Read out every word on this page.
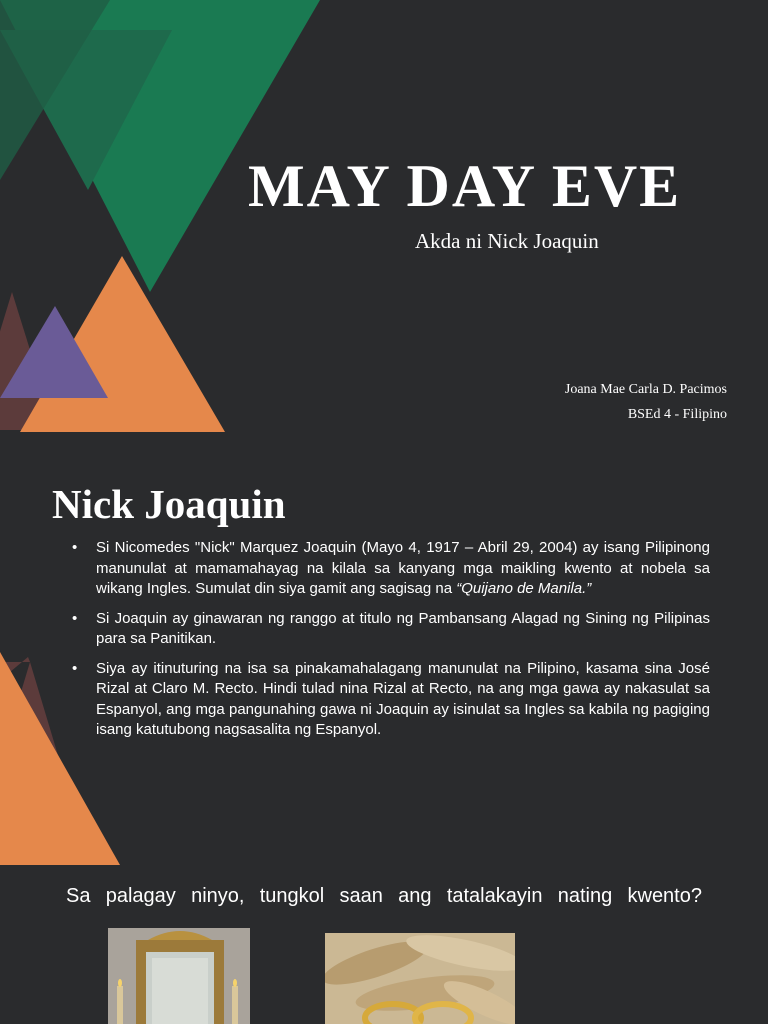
MAY DAY EVE
Akda ni Nick Joaquin
Joana Mae Carla D. Pacimos
BSEd 4 - Filipino
Nick Joaquin
• Si Nicomedes "Nick" Marquez Joaquin (Mayo 4, 1917 – Abril 29, 2004) ay isang Pilipinong manunulat at mamamahayag na kilala sa kanyang mga maikling kwento at nobela sa wikang Ingles. Sumulat din siya gamit ang sagisag na “Quijano de Manila.”
• Si Joaquin ay ginawaran ng ranggo at titulo ng Pambansang Alagad ng Sining ng Pilipinas para sa Panitikan.
• Siya ay itinuturing na isa sa pinakamahalagang manunulat na Pilipino, kasama sina José Rizal at Claro M. Recto. Hindi tulad nina Rizal at Recto, na ang mga gawa ay nakasulat sa Espanyol, ang mga pangunahing gawa ni Joaquin ay isinulat sa Ingles sa kabila ng pagiging isang katutubong nagsasalita ng Espanyol.
Sa palagay ninyo, tungkol saan ang tatalakayin nating kwento?
